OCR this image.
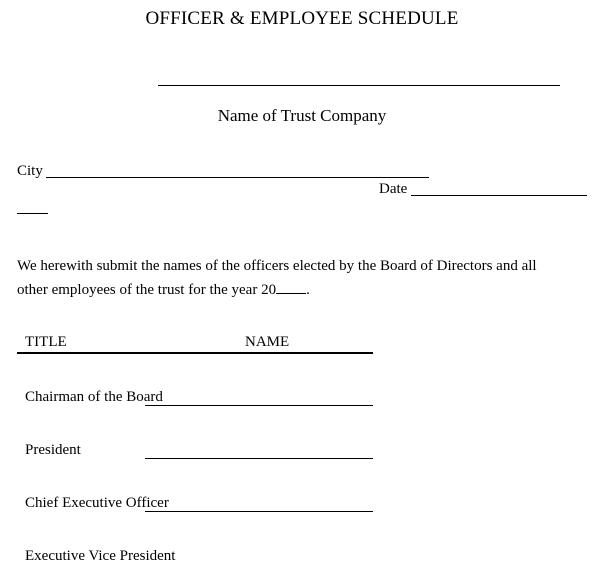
OFFICER & EMPLOYEE SCHEDULE
Name of Trust Company
City
Date
We herewith submit the names of the officers elected by the Board of Directors and all
other employees of the trust for the year 20 .
TITLE	NAME
Chairman of the Board
President
Chief Executive Officer
Executive Vice President
